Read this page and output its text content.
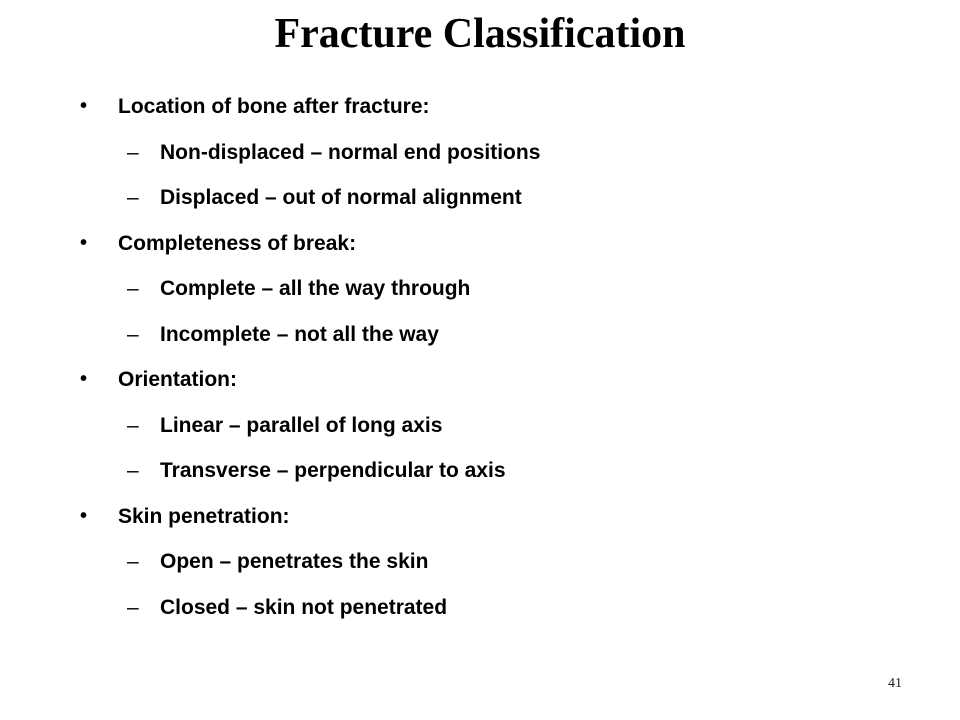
Fracture Classification
• Location of bone after fracture:
– Non-displaced – normal end positions
– Displaced – out of normal alignment
• Completeness of break:
– Complete – all the way through
– Incomplete – not all the way
• Orientation:
– Linear – parallel of long axis
– Transverse – perpendicular to axis
• Skin penetration:
– Open – penetrates the skin
– Closed – skin not penetrated
41
